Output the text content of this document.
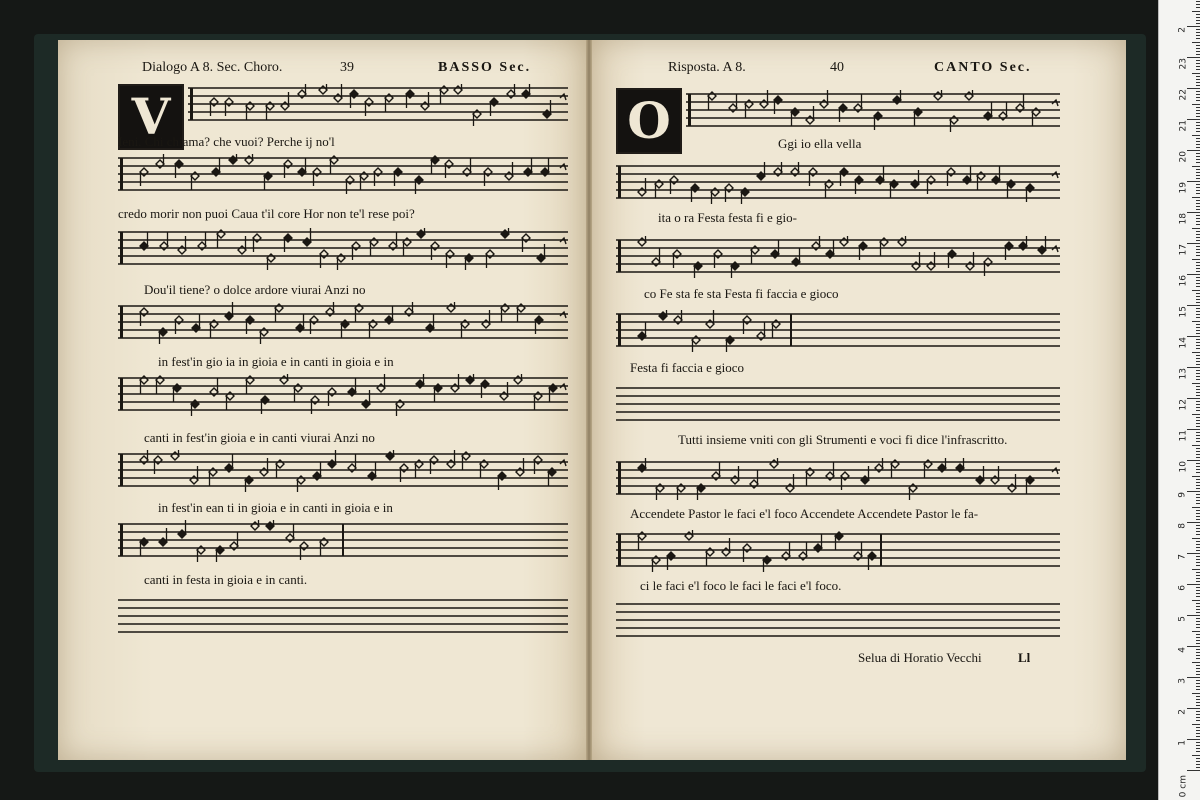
Dialogo A 8. Sec. Choro.	39	BASSO Sec.
V
Ieni. Chi chiama? che vuoi? Perche ij no'l
credo morir non puoi Caua t'il core Hor non te'l rese poi?
Dou'il tiene? o dolce ardore viurai Anzi no
in fest'in gio ia in gioia e in canti in gioia e in
canti in fest'in gioia e in canti viurai Anzi no
in fest'in ean ti in gioia e in canti in gioia e in
canti in festa in gioia e in canti.
Risposta. A 8.	40	CANTO Sec.
O	Ggi io ella vella
ita o ra Festa festa fi e gio-
co Fe sta fe sta Festa fi faccia e gioco
Festa fi faccia e gioco
Tutti insieme vniti con gli Strumenti e voci fi dice l'infrascritto.
Accendete Pastor le faci e'l foco Accendete Accendete Pastor le fa-
ci le faci e'l foco le faci le faci e'l foco.
Selua di Horatio Vecchi	Ll
0 cm
1
2
3
4
5
6
7
8
9
10
11
12
13
14
15
16
17
18
19
20
21
22
23
2
